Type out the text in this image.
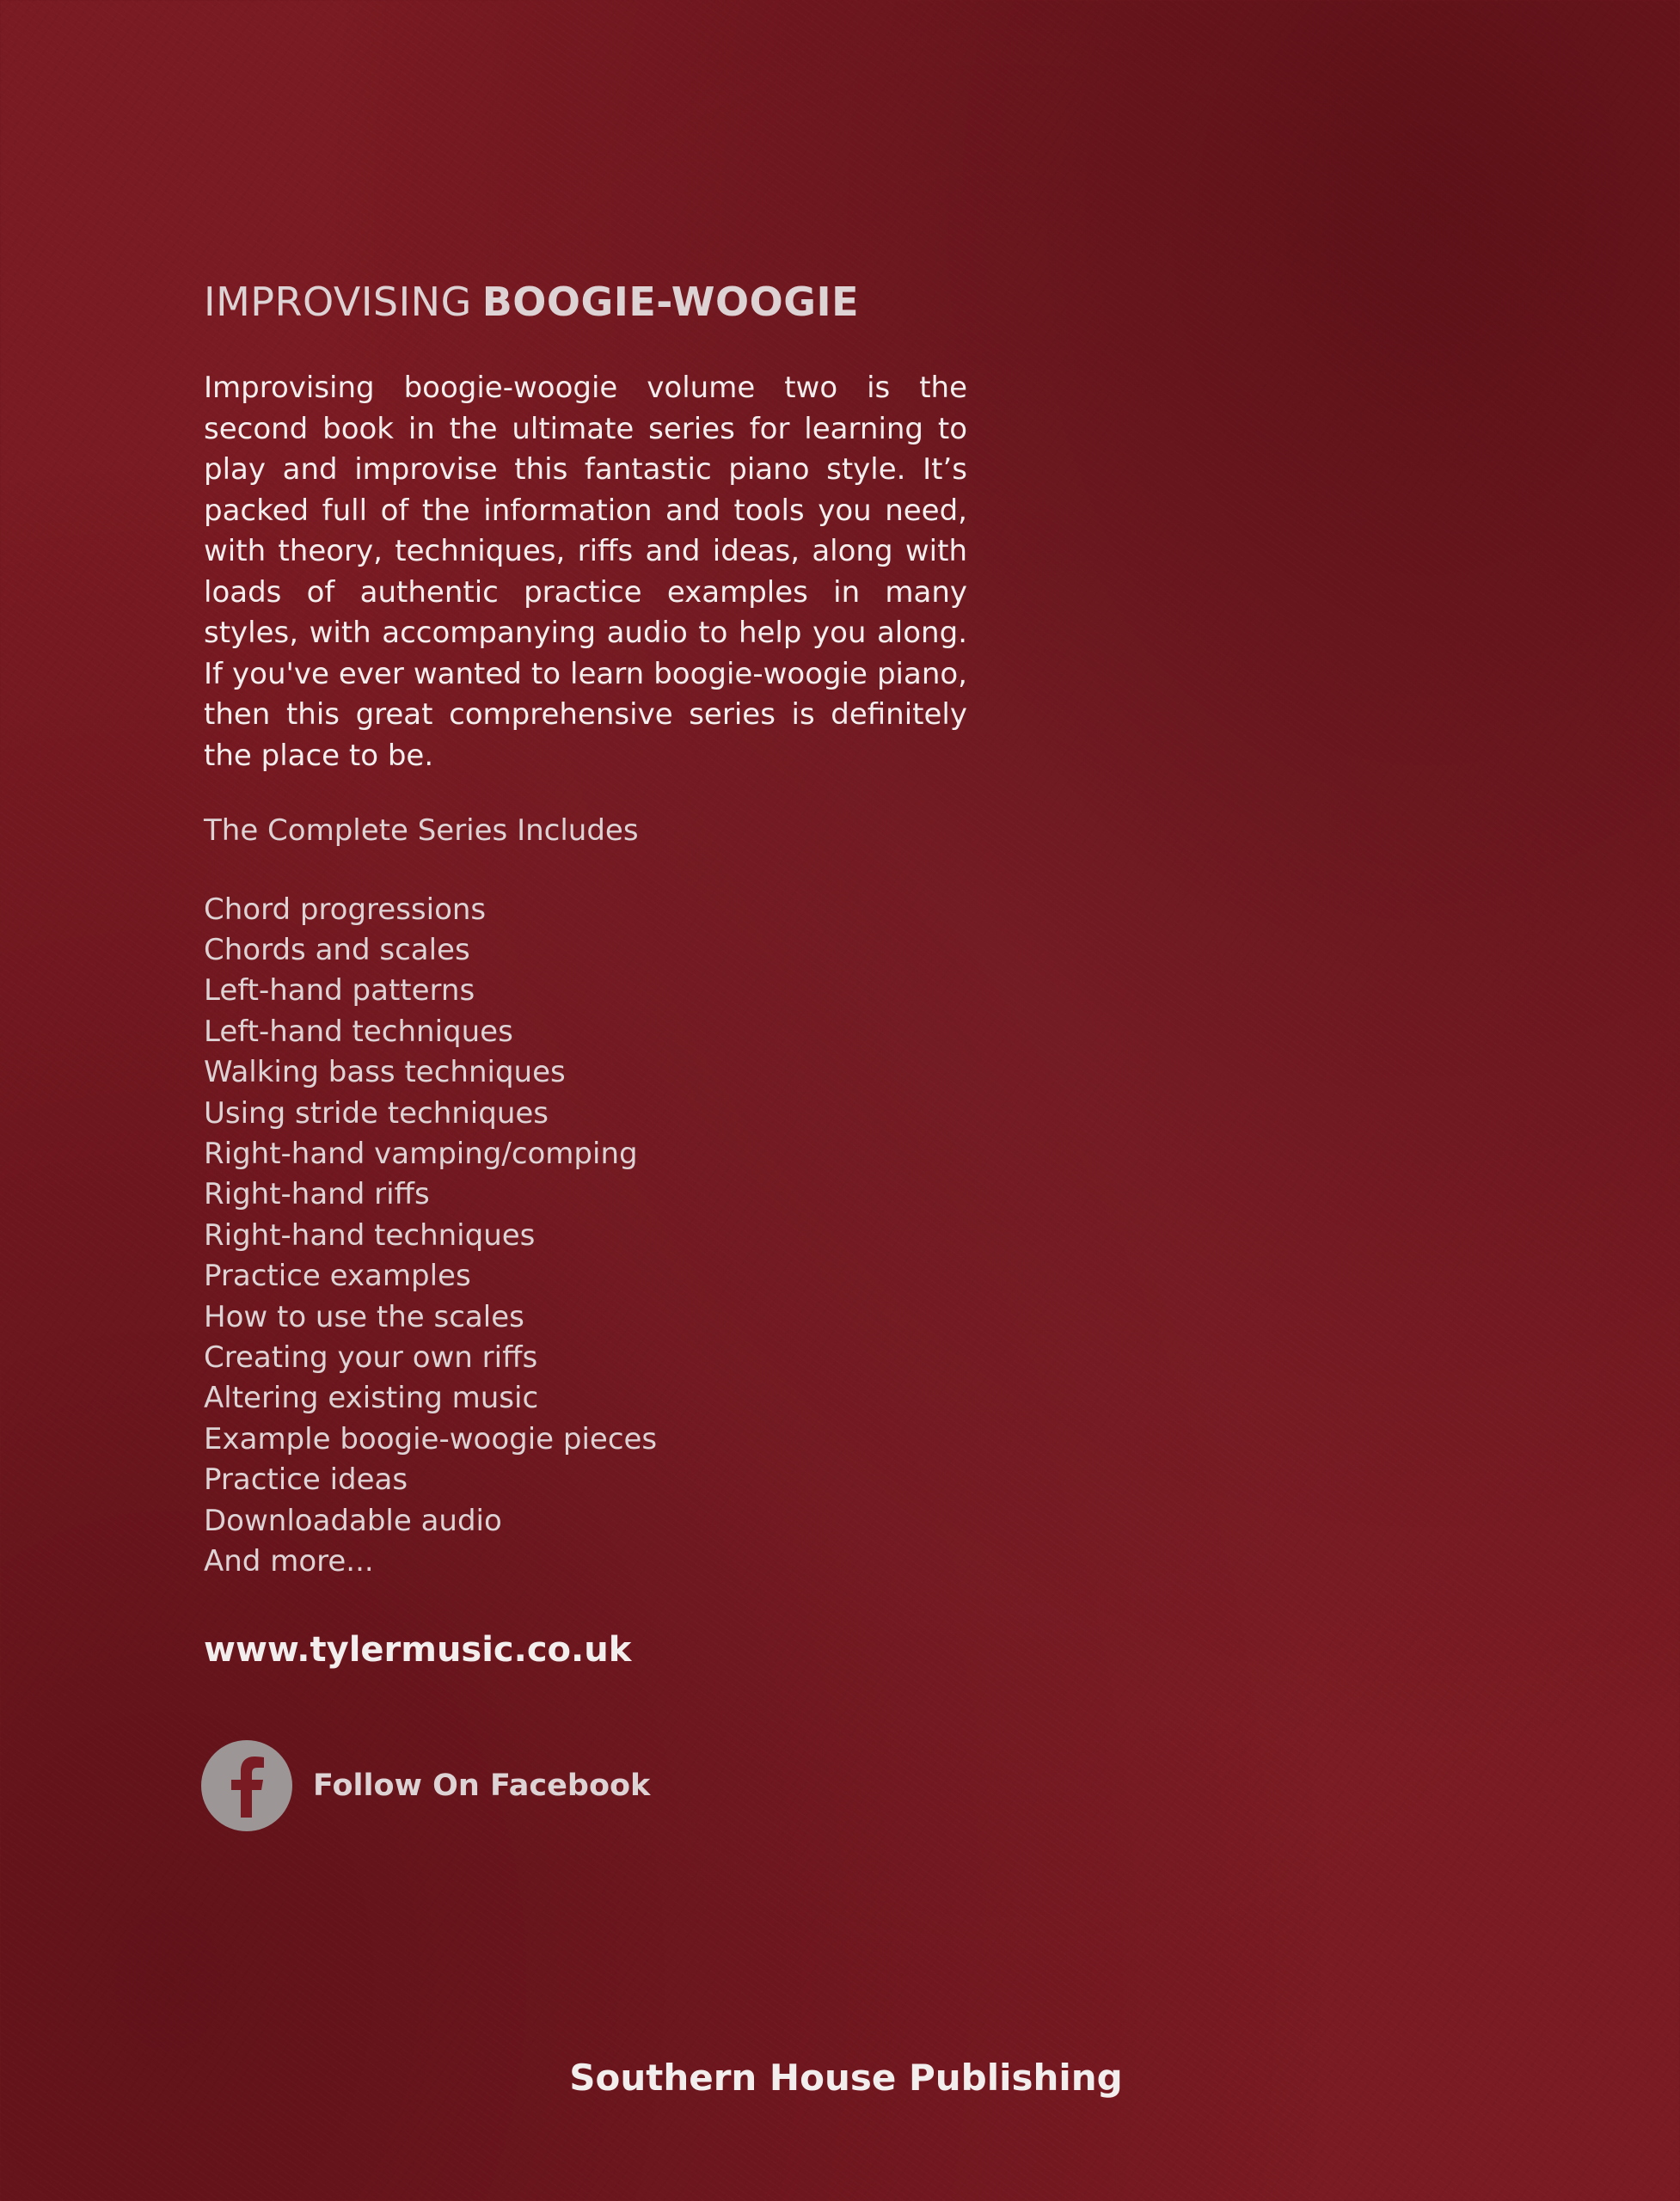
IMPROVISING BOOGIE-WOOGIE

Improvising boogie-woogie volume two is the second book in the ultimate series for learning to play and improvise this fantastic piano style. It’s packed full of the information and tools you need, with theory, techniques, riffs and ideas, along with loads of authentic practice examples in many styles, with accompanying audio to help you along. If you've ever wanted to learn boogie-woogie piano, then this great comprehensive series is definitely the place to be.

The Complete Series Includes
Chord progressions
Chords and scales
Left-hand patterns
Left-hand techniques
Walking bass techniques
Using stride techniques
Right-hand vamping/comping
Right-hand riffs
Right-hand techniques
Practice examples
How to use the scales
Creating your own riffs
Altering existing music
Example boogie-woogie pieces
Practice ideas
Downloadable audio
And more...
www.tylermusic.co.uk
Follow On Facebook
Southern House Publishing
